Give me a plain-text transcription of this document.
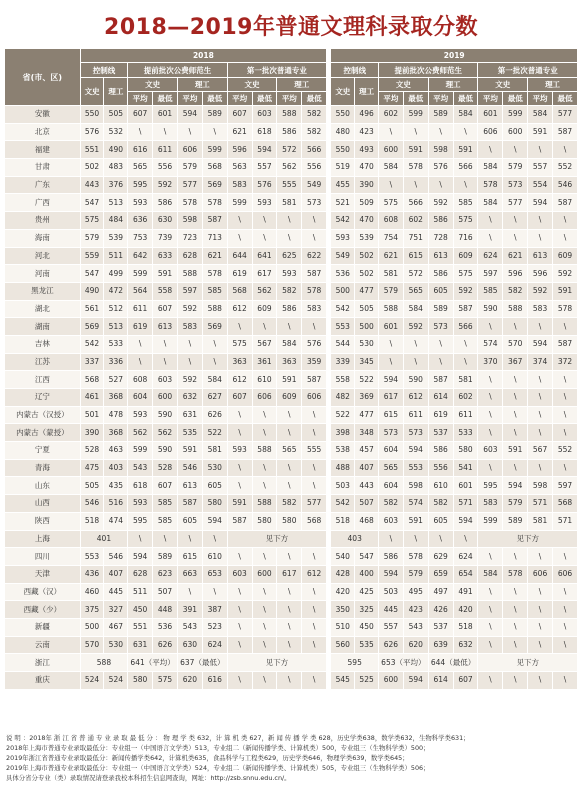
2018—2019年普通文理科录取分数
省(市、区)	2018											2019									
	控制线		提前批次公费师范生				第一批次普通专业					控制线		提前批次公费师范生				第一批次普通专业			
	文史	理工	文史		理工		文史		理工			文史	理工	文史		理工		文史		理工	
			平均	最低	平均	最低	平均	最低	平均	最低				平均	最低	平均	最低	平均	最低	平均	最低
安徽	550	505	607	601	594	589	607	603	588	582		550	496	602	599	589	584	601	599	584	577
北京	576	532	\	\	\	\	621	618	586	582		480	423	\	\	\	\	606	600	591	587
福建	551	490	616	611	606	599	596	594	572	566		550	493	600	591	598	591	\	\	\	\
甘肃	502	483	565	556	579	568	563	557	562	556		519	470	584	578	576	566	584	579	557	552
广东	443	376	595	592	577	569	583	576	555	549		455	390	\	\	\	\	578	573	554	546
广西	547	513	593	586	578	578	599	593	581	573		521	509	575	566	592	585	584	577	594	587
贵州	575	484	636	630	598	587	\	\	\	\		542	470	608	602	586	575	\	\	\	\
海南	579	539	753	739	723	713	\	\	\	\		593	539	754	751	728	716	\	\	\	\
河北	559	511	642	633	628	621	644	641	625	622		549	502	621	615	613	609	624	621	613	609
河南	547	499	599	591	588	578	619	617	593	587		536	502	581	572	586	575	597	596	596	592
黑龙江	490	472	564	558	597	585	568	562	582	578		500	477	579	565	605	592	585	582	592	591
湖北	561	512	611	607	592	588	612	609	586	583		542	505	588	584	589	587	590	588	583	578
湖南	569	513	619	613	583	569	\	\	\	\		553	500	601	592	573	566	\	\	\	\
吉林	542	533	\	\	\	\	575	567	584	576		544	530	\	\	\	\	574	570	594	587
江苏	337	336	\	\	\	\	363	361	363	359		339	345	\	\	\	\	370	367	374	372
江西	568	527	608	603	592	584	612	610	591	587		558	522	594	590	587	581	\	\	\	\
辽宁	461	368	604	600	632	627	607	606	609	606		482	369	617	612	614	602	\	\	\	\
内蒙古（汉授）	501	478	593	590	631	626	\	\	\	\		522	477	615	611	619	611	\	\	\	\
内蒙古（蒙授）	390	368	562	562	535	522	\	\	\	\		398	348	573	573	537	533	\	\	\	\
宁夏	528	463	599	590	591	581	593	588	565	555		538	457	604	594	586	580	603	591	567	552
青海	475	403	543	528	546	530	\	\	\	\		488	407	565	553	556	541	\	\	\	\
山东	505	435	618	607	613	605	\	\	\	\		503	443	604	598	610	601	595	594	598	597
山西	546	516	593	585	587	580	591	588	582	577		542	507	582	574	582	571	583	579	571	568
陕西	518	474	595	585	605	594	587	580	580	568		518	468	603	591	605	594	599	589	581	571
上海	401		\	\	\	\	见下方					403		\	\	\	\	见下方			
四川	553	546	594	589	615	610	\	\	\	\		540	547	586	578	629	624	\	\	\	\
天津	436	407	628	623	663	653	603	600	617	612		428	400	594	579	659	654	584	578	606	606
西藏（汉）	460	445	511	507	\	\	\	\	\	\		420	425	503	495	497	491	\	\	\	\
西藏（少）	375	327	450	448	391	387	\	\	\	\		350	325	445	423	426	420	\	\	\	\
新疆	500	467	551	536	543	523	\	\	\	\		510	450	557	543	537	518	\	\	\	\
云南	570	530	631	626	630	624	\	\	\	\		560	535	626	620	639	632	\	\	\	\
浙江	588		641（平均）		637（最低）		见下方					595		653（平均）		644（最低）		见下方			
重庆	524	524	580	575	620	616	\	\	\	\		545	525	600	594	614	607	\	\	\	\
说 明 ：2018年 浙 江 省 普 通 专 业 录 取 最 低 分 ： 物 理 学 类 632，计 算 机 类 627，新 闻 传 播 学 类 628，历史学类638，数学类632，生物科学类631；
2018年上海市普通专业录取最低分：专业组一（中国语言文学类）513，专业组二（新闻传播学类、计算机类）500，专业组三（生物科学类）500；
2019年浙江省普通专业录取最低分：新闻传播学类642，计算机类635，食品科学与工程类629，历史学类646，物理学类639，数学类645；
2019年上海市普通专业录取最低分：专业组一（中国语言文学类）524，专业组二（新闻传播学类、计算机类）505，专业组三（生物科学类）506；
具体分省分专业（类）录取情况请登录我校本科招生信息网查询，网址：http://zsb.snnu.edu.cn/。
